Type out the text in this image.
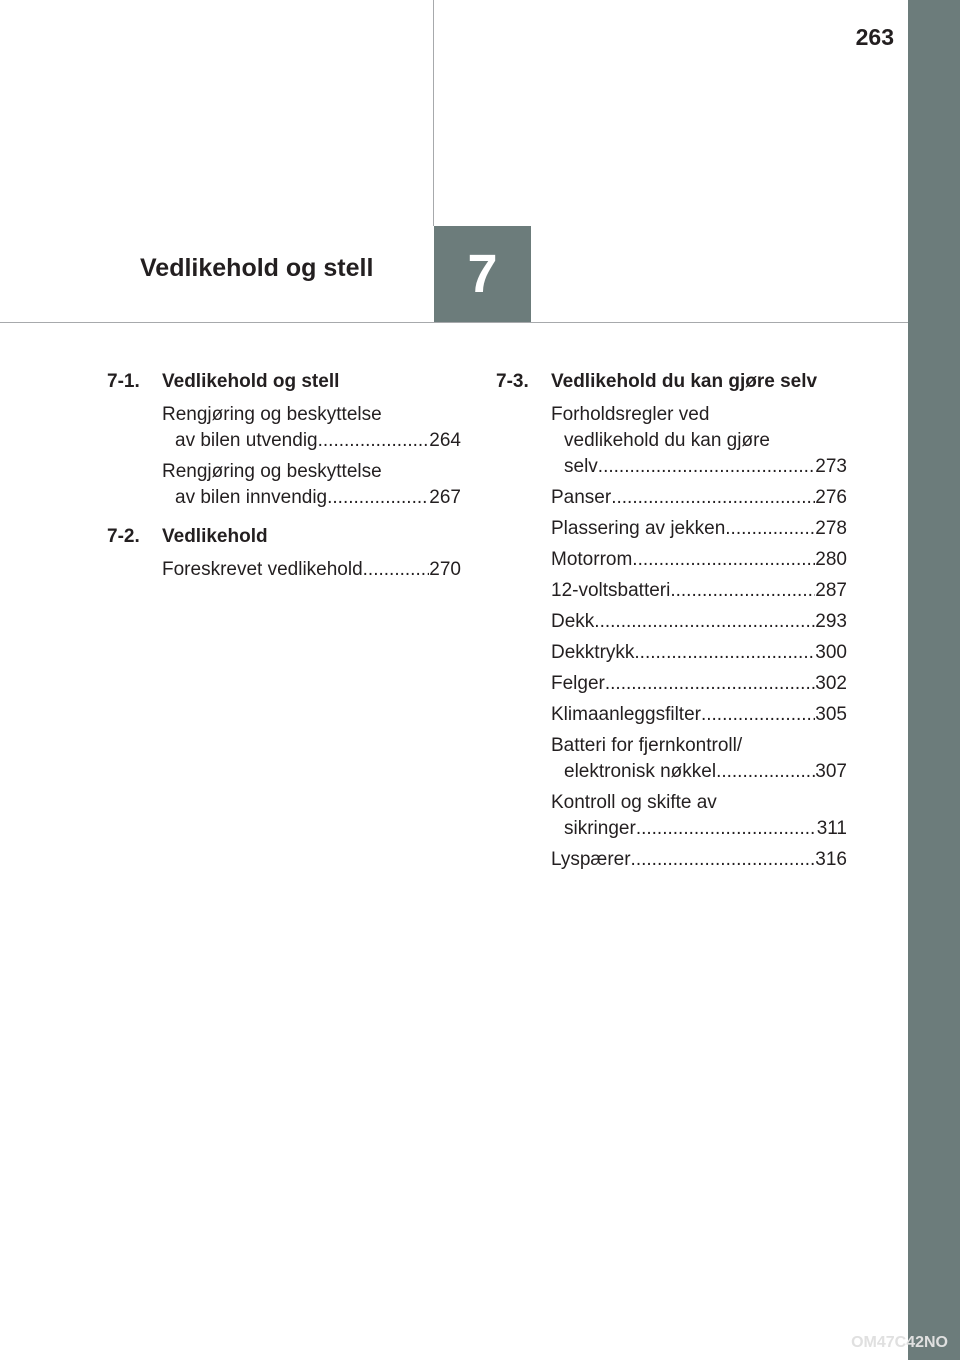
263
Vedlikehold og stell	7
7-1.	Vedlikehold og stell
Rengjøring og beskyttelse
av bilen utvendig .....	264
Rengjøring og beskyttelse
av bilen innvendig .....	267
7-2.	Vedlikehold
Foreskrevet vedlikehold .....	270
7-3.	Vedlikehold du kan gjøre selv
Forholdsregler ved
vedlikehold du kan gjøre
selv .....	273
Panser .....	276
Plassering av jekken .....	278
Motorrom .....	280
12-voltsbatteri .....	287
Dekk .....	293
Dekktrykk .....	300
Felger .....	302
Klimaanleggsfilter .....	305
Batteri for fjernkontroll/
elektronisk nøkkel .....	307
Kontroll og skifte av
sikringer .....	311
Lyspærer .....	316
OM47C42NO
